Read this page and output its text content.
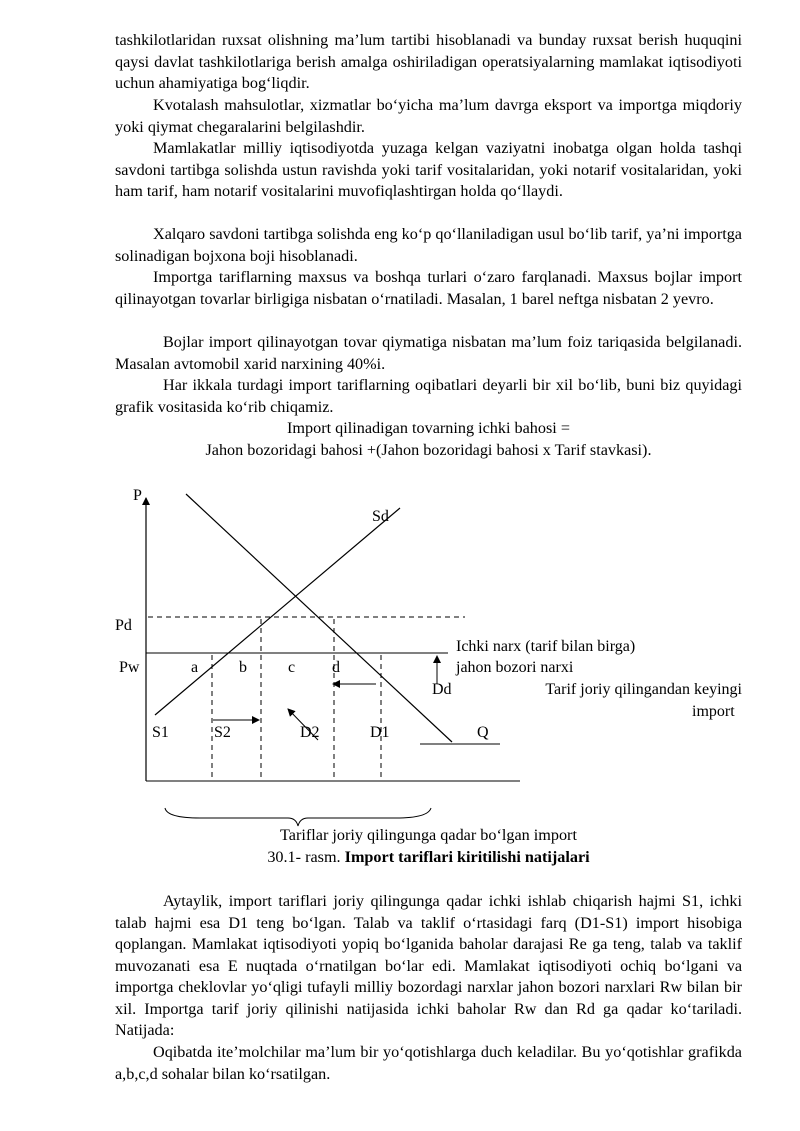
tashkilotlaridan ruxsat olishning ma’lum tartibi hisoblanadi va bunday ruxsat berish huquqini qaysi davlat tashkilotlariga berish amalga oshiriladigan operatsiyalarning mamlakat iqtisodiyoti uchun ahamiyatiga bog‘liqdir.

Kvotalash mahsulotlar, xizmatlar bo‘yicha ma’lum davrga eksport va importga miqdoriy yoki qiymat chegaralarini belgilashdir.

Mamlakatlar milliy iqtisodiyotda yuzaga kelgan vaziyatni inobatga olgan holda tashqi savdoni tartibga solishda ustun ravishda yoki tarif vositalaridan, yoki notarif vositalaridan, yoki ham tarif, ham notarif vositalarini muvofiqlashtirgan holda qo‘llaydi.

Xalqaro savdoni tartibga solishda eng ko‘p qo‘llaniladigan usul bo‘lib tarif, ya’ni importga solinadigan bojxona boji hisoblanadi.

Importga tariflarning maxsus va boshqa turlari o‘zaro farqlanadi. Maxsus bojlar import qilinayotgan tovarlar birligiga nisbatan o‘rnatiladi. Masalan, 1 barel neftga nisbatan 2 yevro.

Bojlar import qilinayotgan tovar qiymatiga nisbatan ma’lum foiz tariqasida belgilanadi. Masalan avtomobil xarid narxining 40%i.

Har ikkala turdagi import tariflarning oqibatlari deyarli bir xil bo‘lib, buni biz quyidagi grafik vositasida ko‘rib chiqamiz.

Import qilinadigan tovarning ichki bahosi =

Jahon bozoridagi bahosi +(Jahon bozoridagi bahosi x Tarif stavkasi).

P
Sd
Pd
Pw	a	b	c d
Ichki narx (tarif bilan birga)
jahon bozori narxi
Dd	Tarif joriy qilingandan keyingi
import
S1	S2	D2	D1	Q

Tariflar joriy qilingunga qadar bo‘lgan import

30.1- rasm. Import tariflari kiritilishi natijalari

Aytaylik, import tariflari joriy qilingunga qadar ichki ishlab chiqarish hajmi S1, ichki talab hajmi esa D1 teng bo‘lgan. Talab va taklif o‘rtasidagi farq (D1-S1) import hisobiga qoplangan. Mamlakat iqtisodiyoti yopiq bo‘lganida baholar darajasi Re ga teng, talab va taklif muvozanati esa E nuqtada o‘rnatilgan bo‘lar edi. Mamlakat iqtisodiyoti ochiq bo‘lgani va importga cheklovlar yo‘qligi tufayli milliy bozordagi narxlar jahon bozori narxlari Rw bilan bir xil. Importga tarif joriy qilinishi natijasida ichki baholar Rw dan Rd ga qadar ko‘tariladi. Natijada:

Oqibatda ite’molchilar ma’lum bir yo‘qotishlarga duch keladilar. Bu yo‘qotishlar grafikda a,b,c,d sohalar bilan ko‘rsatilgan.
